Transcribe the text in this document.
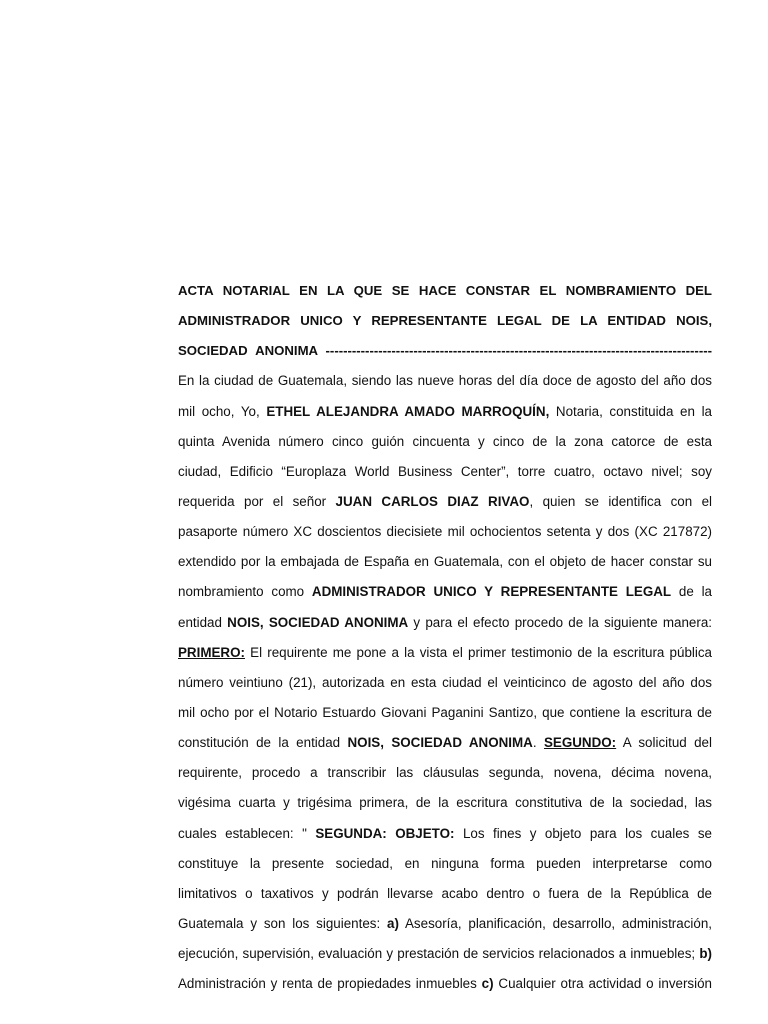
ACTA NOTARIAL EN LA QUE SE HACE CONSTAR EL NOMBRAMIENTO DEL
ADMINISTRADOR UNICO Y REPRESENTANTE LEGAL DE LA ENTIDAD NOIS,
SOCIEDAD ANONIMA ----------------------------------------------------------------------------------------
En la ciudad de Guatemala, siendo las nueve horas del día doce de agosto del año dos
mil ocho, Yo, ETHEL ALEJANDRA AMADO MARROQUÍN, Notaria, constituida en la
quinta Avenida número cinco guión cincuenta y cinco de la zona catorce de esta
ciudad, Edificio “Europlaza World Business Center”, torre cuatro, octavo nivel; soy
requerida por el señor JUAN CARLOS DIAZ RIVAO, quien se identifica con el
pasaporte número XC doscientos diecisiete mil ochocientos setenta y dos (XC 217872)
extendido por la embajada de España en Guatemala, con el objeto de hacer constar su
nombramiento como ADMINISTRADOR UNICO Y REPRESENTANTE LEGAL de la
entidad NOIS, SOCIEDAD ANONIMA y para el efecto procedo de la siguiente manera:
PRIMERO: El requirente me pone a la vista el primer testimonio de la escritura pública
número veintiuno (21), autorizada en esta ciudad el veinticinco de agosto del año dos
mil ocho por el Notario Estuardo Giovani Paganini Santizo, que contiene la escritura de
constitución de la entidad NOIS, SOCIEDAD ANONIMA. SEGUNDO: A solicitud del
requirente, procedo a transcribir las cláusulas segunda, novena, décima novena,
vigésima cuarta y trigésima primera, de la escritura constitutiva de la sociedad, las
cuales establecen: " SEGUNDA: OBJETO: Los fines y objeto para los cuales se
constituye la presente sociedad, en ninguna forma pueden interpretarse como
limitativos o taxativos y podrán llevarse acabo dentro o fuera de la República de
Guatemala y son los siguientes: a) Asesoría, planificación, desarrollo, administración,
ejecución, supervisión, evaluación y prestación de servicios relacionados a inmuebles; b)
Administración y renta de propiedades inmuebles c) Cualquier otra actividad o inversión
